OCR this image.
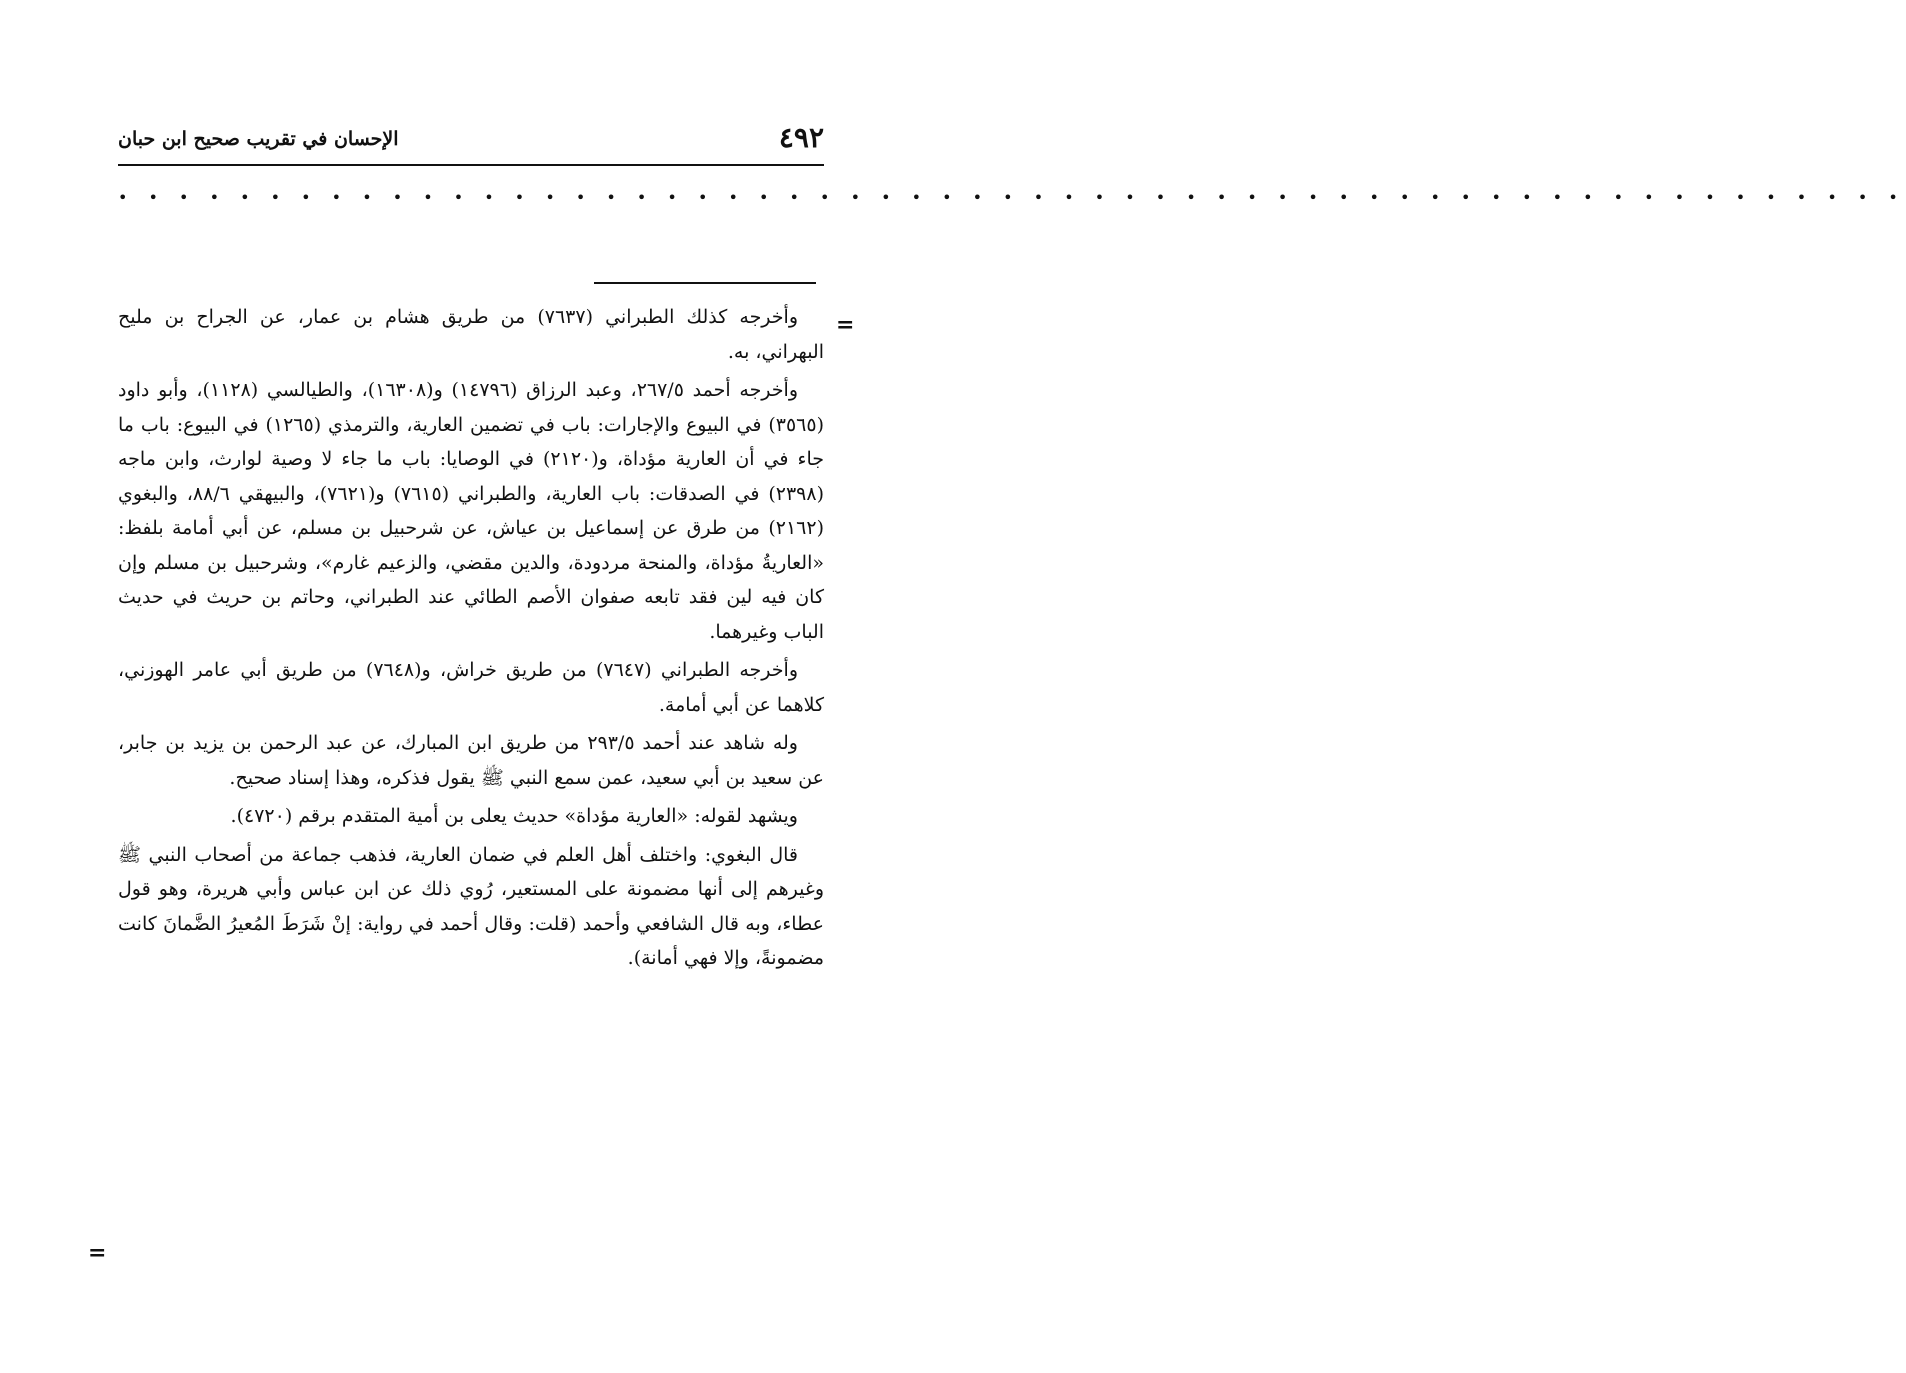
٤٩٢
الإحسان في تقريب صحيح ابن حبان
• • • • • • • • • • • • • • • • • • • • • • • • • • • • • • • • • • • • • • • • • • • • • • • • • • • • • • • • • • •
=
=

وأخرجه كذلك الطبراني (٧٦٣٧) من طريق هشام بن عمار، عن الجراح بن مليح البهراني، به.

وأخرجه أحمد ٢٦٧/٥، وعبد الرزاق (١٤٧٩٦) و(١٦٣٠٨)، والطيالسي (١١٢٨)، وأبو داود (٣٥٦٥) في البيوع والإجارات: باب في تضمين العارية، والترمذي (١٢٦٥) في البيوع: باب ما جاء في أن العارية مؤداة، و(٢١٢٠) في الوصايا: باب ما جاء لا وصية لوارث، وابن ماجه (٢٣٩٨) في الصدقات: باب العارية، والطبراني (٧٦١٥) و(٧٦٢١)، والبيهقي ٨٨/٦، والبغوي (٢١٦٢) من طرق عن إسماعيل بن عياش، عن شرحبيل بن مسلم، عن أبي أمامة بلفظ: «العاريةُ مؤداة، والمنحة مردودة، والدين مقضي، والزعيم غارم»، وشرحبيل بن مسلم وإن كان فيه لين فقد تابعه صفوان الأصم الطائي عند الطبراني، وحاتم بن حريث في حديث الباب وغيرهما.

وأخرجه الطبراني (٧٦٤٧) من طريق خراش، و(٧٦٤٨) من طريق أبي عامر الهوزني، كلاهما عن أبي أمامة.

وله شاهد عند أحمد ٢٩٣/٥ من طريق ابن المبارك، عن عبد الرحمن بن يزيد بن جابر، عن سعيد بن أبي سعيد، عمن سمع النبي ﷺ يقول فذكره، وهذا إسناد صحيح.

ويشهد لقوله: «العارية مؤداة» حديث يعلى بن أمية المتقدم برقم (٤٧٢٠).

قال البغوي: واختلف أهل العلم في ضمان العارية، فذهب جماعة من أصحاب النبي ﷺ وغيرهم إلى أنها مضمونة على المستعير، رُوي ذلك عن ابن عباس وأبي هريرة، وهو قول عطاء، وبه قال الشافعي وأحمد (قلت: وقال أحمد في رواية: إنْ شَرَطَ المُعيرُ الضَّمانَ كانت مضمونةً، وإلا فهي أمانة).
